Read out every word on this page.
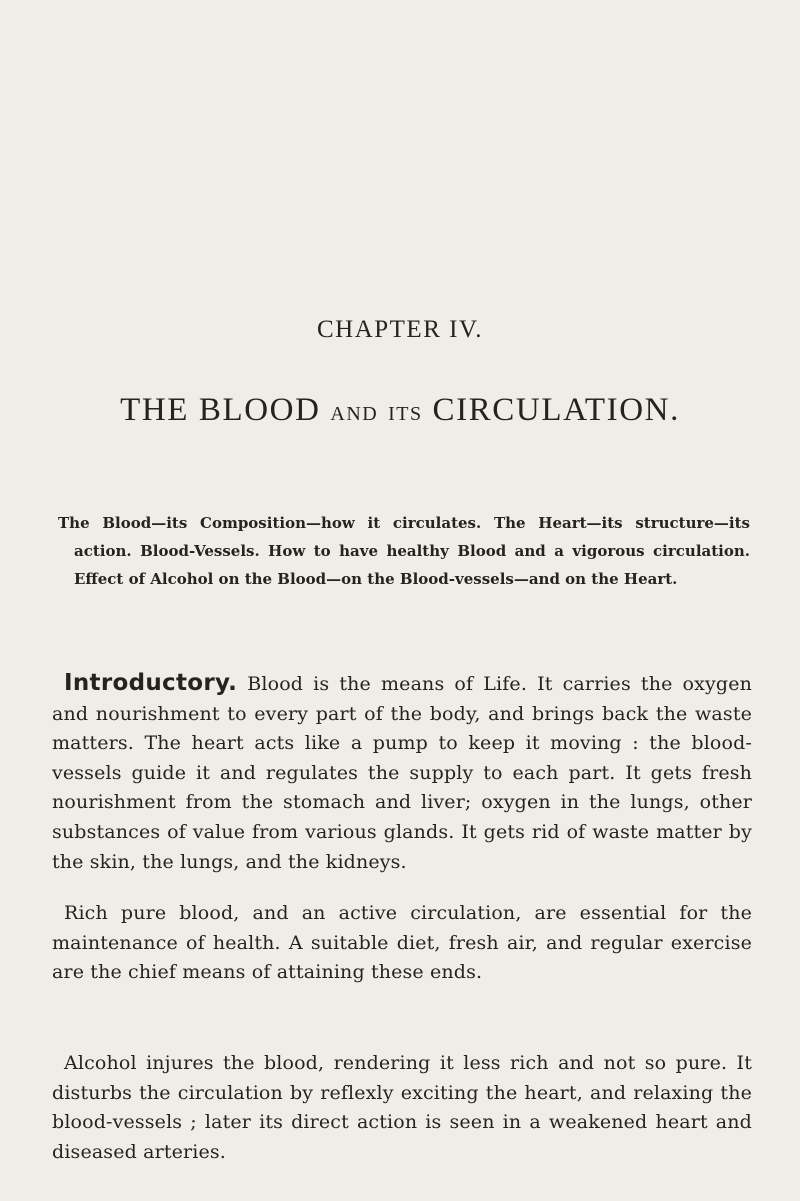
CHAPTER IV.
THE BLOOD AND ITS CIRCULATION.
The Blood—its Composition—how it circulates. The Heart—its structure—its action. Blood-Vessels. How to have healthy Blood and a vigorous circulation. Effect of Alcohol on the Blood—on the Blood-vessels—and on the Heart.
Introductory. Blood is the means of Life. It carries the oxygen and nourishment to every part of the body, and brings back the waste matters. The heart acts like a pump to keep it moving : the blood-vessels guide it and regulates the supply to each part. It gets fresh nourishment from the stomach and liver; oxygen in the lungs, other substances of value from various glands. It gets rid of waste matter by the skin, the lungs, and the kidneys.
Rich pure blood, and an active circulation, are essential for the maintenance of health. A suitable diet, fresh air, and regular exercise are the chief means of attaining these ends.
Alcohol injures the blood, rendering it less rich and not so pure. It disturbs the circulation by reflexly exciting the heart, and relaxing the blood-vessels ; later its direct action is seen in a weakened heart and diseased arteries.
